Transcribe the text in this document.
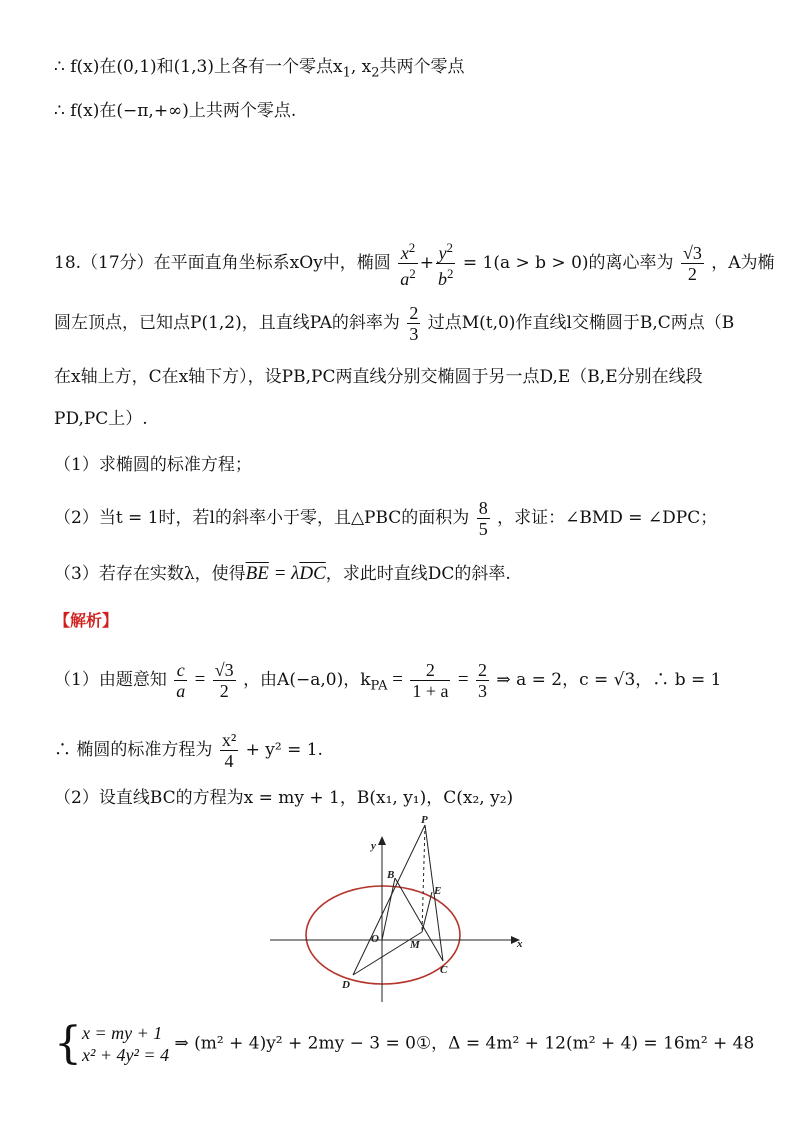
∴ f(x)在(0,1)和(1,3)上各有一个零点$x_1$, $x_2$共两个零点
∴ f(x)在(−π,+∞)上共两个零点.
18.（17分）在平面直角坐标系xOy中，椭圆 $\frac{x^2}{a^2} + \frac{y^2}{b^2} = 1(a > b > 0)$的离心率为 $\frac{√3}{2}$ ，A为椭
圆左顶点，已知点P(1,2)，且直线PA的斜率为 $\frac{2}{3}$ 过点M(t,0)作直线l交椭圆于B,C两点（B
在x轴上方，C在x轴下方），设PB,PC两直线分别交椭圆于另一点D,E（B,E分别在线段
PD,PC上）.
（1）求椭圆的标准方程；
（2）当t = 1时，若l的斜率小于零，且△PBC的面积为 $\frac{8}{5}$ ，求证：∠BMD = ∠DPC；
（3）若存在实数λ，使得$\overline{BE} = \lambda\overline{DC}$，求此时直线DC的斜率.
【解析】
（1）由题意知 $\frac{c}{a} = \frac{√3}{2}$ ，由A(−a,0)，$k_{PA} = \frac{2}{1 + a} = \frac{2}{3}$ ⇒ a = 2，c = √3，∴ b = 1
∴ 椭圆的标准方程为 $\frac{\text{x²}}{4} + y^2 = 1$.
（2）设直线BC的方程为x = my + 1，B(x₁, y₁)，C(x₂, y₂)
P
y
B
E
O	M	x
D
C
{ x = my + 1
x² + 4y² = 4
⇒ (m² + 4)y² + 2my − 3 = 0①，Δ = 4m² + 12(m² + 4) = 16m² + 48
